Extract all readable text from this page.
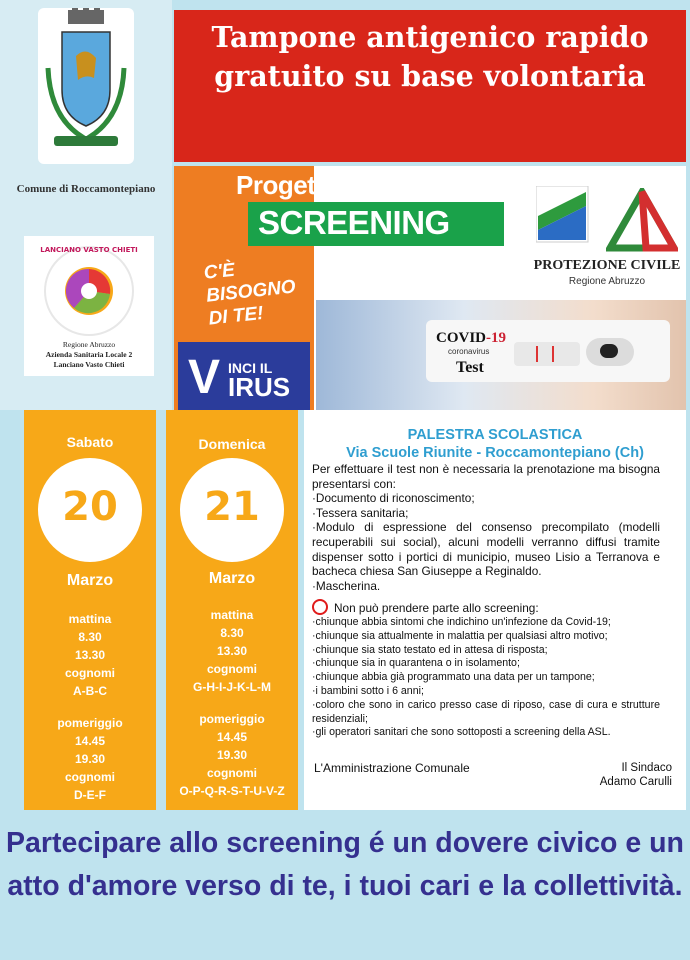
Comune di Roccamontepiano
LANCIANO VASTO CHIETI
Regione Abruzzo
Azienda Sanitaria Locale 2
Lanciano Vasto Chieti
Tampone antigenico rapido gratuito su base volontaria
Progett✹
SCREENING
C'È BISOGNO DI TE!
V INCI IL
IRUS
PROTEZIONE CIVILE
Regione Abruzzo
COVID-19
coronavirus
Test
Sabato
20
Marzo
mattina
8.30
13.30
cognomi
A-B-C
pomeriggio
14.45
19.30
cognomi
D-E-F
Domenica
21
Marzo
mattina
8.30
13.30
cognomi
G-H-I-J-K-L-M
pomeriggio
14.45
19.30
cognomi
O-P-Q-R-S-T-U-V-Z
PALESTRA SCOLASTICA
Via Scuole Riunite - Roccamontepiano (Ch)

Per effettuare il test non è necessaria la prenotazione ma bisogna presentarsi con:

·Documento di riconoscimento;

·Tessera sanitaria;

·Modulo di espressione del consenso precompilato (modelli recuperabili sui social), alcuni modelli verranno diffusi tramite dispenser sotto i portici di municipio, museo Lisio a Terranova e bacheca chiesa San Giuseppe a Reginaldo.

·Mascherina.

Non può prendere parte allo screening:

·chiunque abbia sintomi che indichino un'infezione da Covid-19;

·chiunque sia attualmente in malattia per qualsiasi altro motivo;

·chiunque sia stato testato ed in attesa di risposta;

·chiunque sia in quarantena o in isolamento;

·chiunque abbia già programmato una data per un tampone;

·i bambini sotto i 6 anni;

·coloro che sono in carico presso case di riposo, case di cura e strutture residenziali;

·gli operatori sanitari che sono sottoposti a screening della ASL.

L'Amministrazione Comunale	Il Sindaco
Adamo Carulli
Partecipare allo screening é un dovere civico e un atto d'amore verso di te, i tuoi cari e la collettività.
